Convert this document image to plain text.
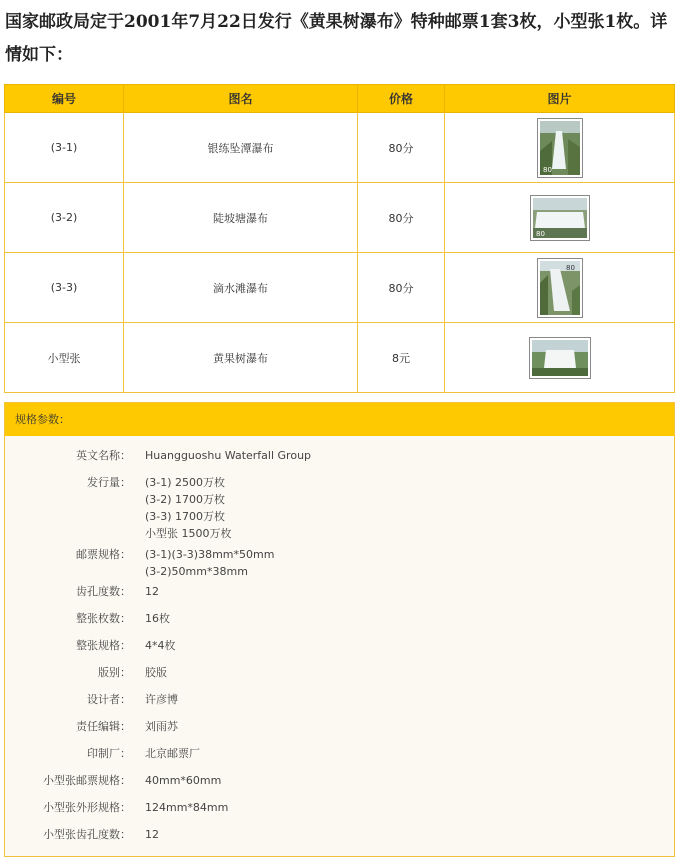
国家邮政局定于2001年7月22日发行《黄果树瀑布》特种邮票1套3枚，小型张1枚。详情如下：
编号	图名	价格	图片
(3-1)	银练坠潭瀑布	80分	80

(3-2)	陡坡塘瀑布	80分	80

(3-3)	滴水滩瀑布	80分	80

小型张	黄果树瀑布	8元	
规格参数：
英文名称： Huangguoshu Waterfall Group
发行量： (3-1) 2500万枚
(3-2) 1700万枚
(3-3) 1700万枚
小型张 1500万枚
邮票规格： (3-1)(3-3)38mm*50mm
(3-2)50mm*38mm
齿孔度数： 12
整张枚数： 16枚
整张规格： 4*4枚
版别： 胶版
设计者： 许彦博
责任编辑： 刘雨苏
印制厂： 北京邮票厂
小型张邮票规格： 40mm*60mm
小型张外形规格： 124mm*84mm
小型张齿孔度数： 12
